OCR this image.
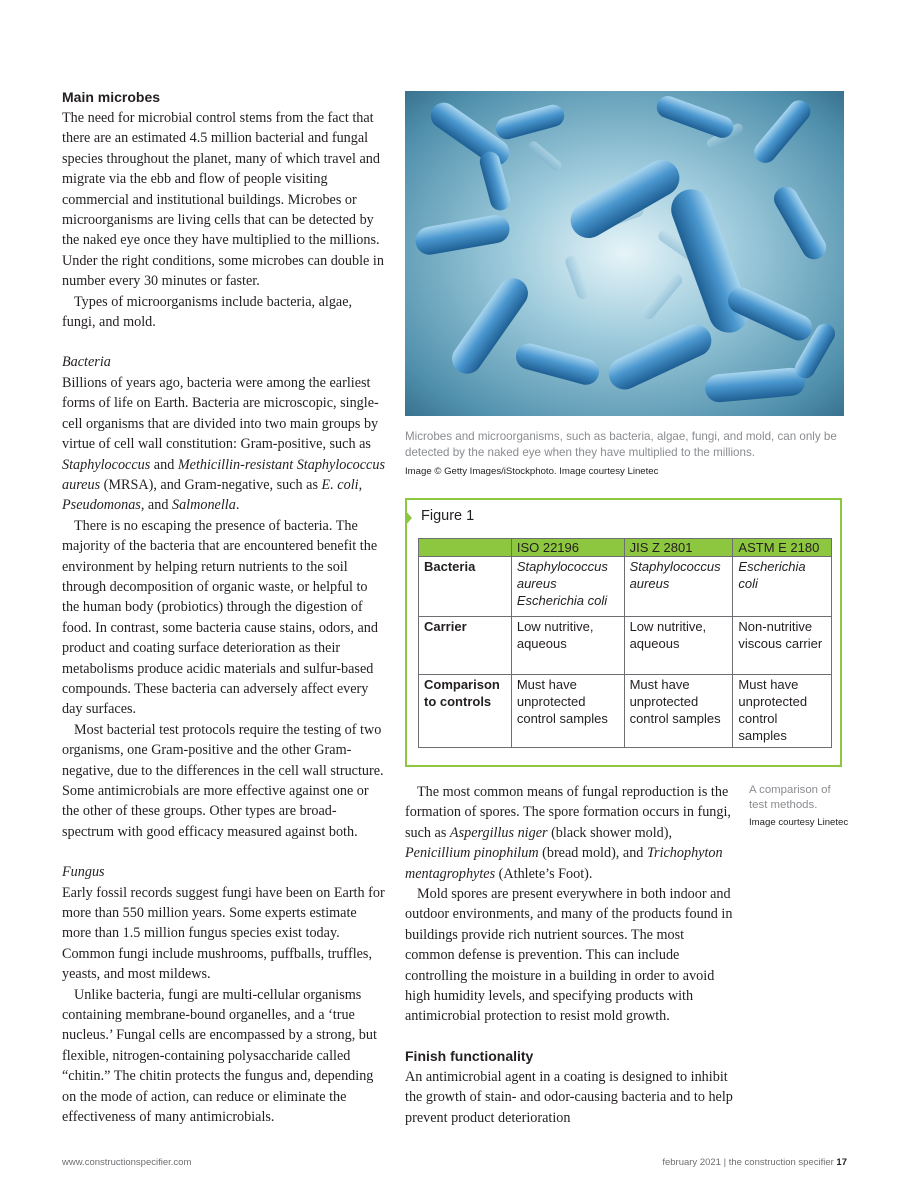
Main microbes

The need for microbial control stems from the fact that there are an estimated 4.5 million bacterial and fungal species throughout the planet, many of which travel and migrate via the ebb and flow of people visiting commercial and institutional buildings. Microbes or microorganisms are living cells that can be detected by the naked eye once they have multiplied to the millions. Under the right conditions, some microbes can double in number every 30 minutes or faster.

Types of microorganisms include bacteria, algae, fungi, and mold.

Bacteria

Billions of years ago, bacteria were among the earliest forms of life on Earth. Bacteria are microscopic, single-cell organisms that are divided into two main groups by virtue of cell wall constitution: Gram-positive, such as Staphylococcus and Methicillin-resistant Staphylococcus aureus (MRSA), and Gram-negative, such as E. coli, Pseudomonas, and Salmonella.

There is no escaping the presence of bacteria. The majority of the bacteria that are encountered benefit the environment by helping return nutrients to the soil through decomposition of organic waste, or helpful to the human body (probiotics) through the digestion of food. In contrast, some bacteria cause stains, odors, and product and coating surface deterioration as their metabolisms produce acidic materials and sulfur-based compounds. These bacteria can adversely affect every day surfaces.

Most bacterial test protocols require the testing of two organisms, one Gram-positive and the other Gram-negative, due to the differences in the cell wall structure. Some antimicrobials are more effective against one or the other of these groups. Other types are broad-spectrum with good efficacy measured against both.

Fungus

Early fossil records suggest fungi have been on Earth for more than 550 million years. Some experts estimate more than 1.5 million fungus species exist today. Common fungi include mushrooms, puffballs, truffles, yeasts, and most mildews.

Unlike bacteria, fungi are multi-cellular organisms containing membrane-bound organelles, and a ‘true nucleus.’ Fungal cells are encompassed by a strong, but flexible, nitrogen-containing polysaccharide called “chitin.” The chitin protects the fungus and, depending on the mode of action, can reduce or eliminate the effectiveness of many antimicrobials.

Microbes and microorganisms, such as bacteria, algae, fungi, and mold, can only be detected by the naked eye when they have multiplied to the millions.
Image © Getty Images/iStockphoto. Image courtesy Linetec
Figure 1
	ISO 22196	JIS Z 2801	ASTM E 2180
Bacteria	Staphylococcus aureus Escherichia coli	Staphylococcus aureus	Escherichia coli
Carrier	Low nutritive, aqueous	Low nutritive, aqueous	Non-nutritive viscous carrier
Comparison to controls	Must have unprotected control samples	Must have unprotected control samples	Must have unprotected control samples
A comparison of test methods.
Image courtesy Linetec

The most common means of fungal reproduction is the formation of spores. The spore formation occurs in fungi, such as Aspergillus niger (black shower mold), Penicillium pinophilum (bread mold), and Trichophyton mentagrophytes (Athlete’s Foot).

Mold spores are present everywhere in both indoor and outdoor environments, and many of the products found in buildings provide rich nutrient sources. The most common defense is prevention. This can include controlling the moisture in a building in order to avoid high humidity levels, and specifying products with antimicrobial protection to resist mold growth.

Finish functionality

An antimicrobial agent in a coating is designed to inhibit the growth of stain- and odor-causing bacteria and to help prevent product deterioration

www.constructionspecifier.com	february 2021 | the construction specifier 17
